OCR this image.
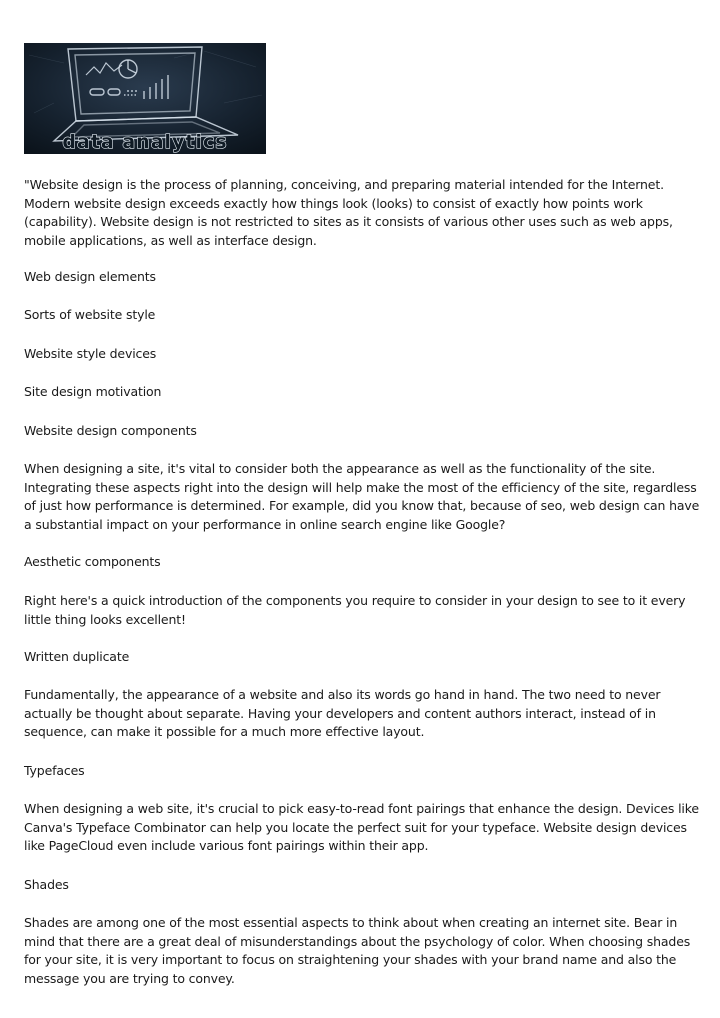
data analytics

"Website design is the process of planning, conceiving, and preparing material intended for the Internet. Modern website design exceeds exactly how things look (looks) to consist of exactly how points work (capability). Website design is not restricted to sites as it consists of various other uses such as web apps, mobile applications, as well as interface design.

Web design elements

Sorts of website style

Website style devices

Site design motivation

Website design components

When designing a site, it's vital to consider both the appearance as well as the functionality of the site. Integrating these aspects right into the design will help make the most of the efficiency of the site, regardless of just how performance is determined. For example, did you know that, because of seo, web design can have a substantial impact on your performance in online search engine like Google?

Aesthetic components

Right here's a quick introduction of the components you require to consider in your design to see to it every little thing looks excellent!

Written duplicate

Fundamentally, the appearance of a website and also its words go hand in hand. The two need to never actually be thought about separate. Having your developers and content authors interact, instead of in sequence, can make it possible for a much more effective layout.

Typefaces

When designing a web site, it's crucial to pick easy-to-read font pairings that enhance the design. Devices like Canva's Typeface Combinator can help you locate the perfect suit for your typeface. Website design devices like PageCloud even include various font pairings within their app.

Shades

Shades are among one of the most essential aspects to think about when creating an internet site. Bear in mind that there are a great deal of misunderstandings about the psychology of color. When choosing shades for your site, it is very important to focus on straightening your shades with your brand name and also the message you are trying to convey.
